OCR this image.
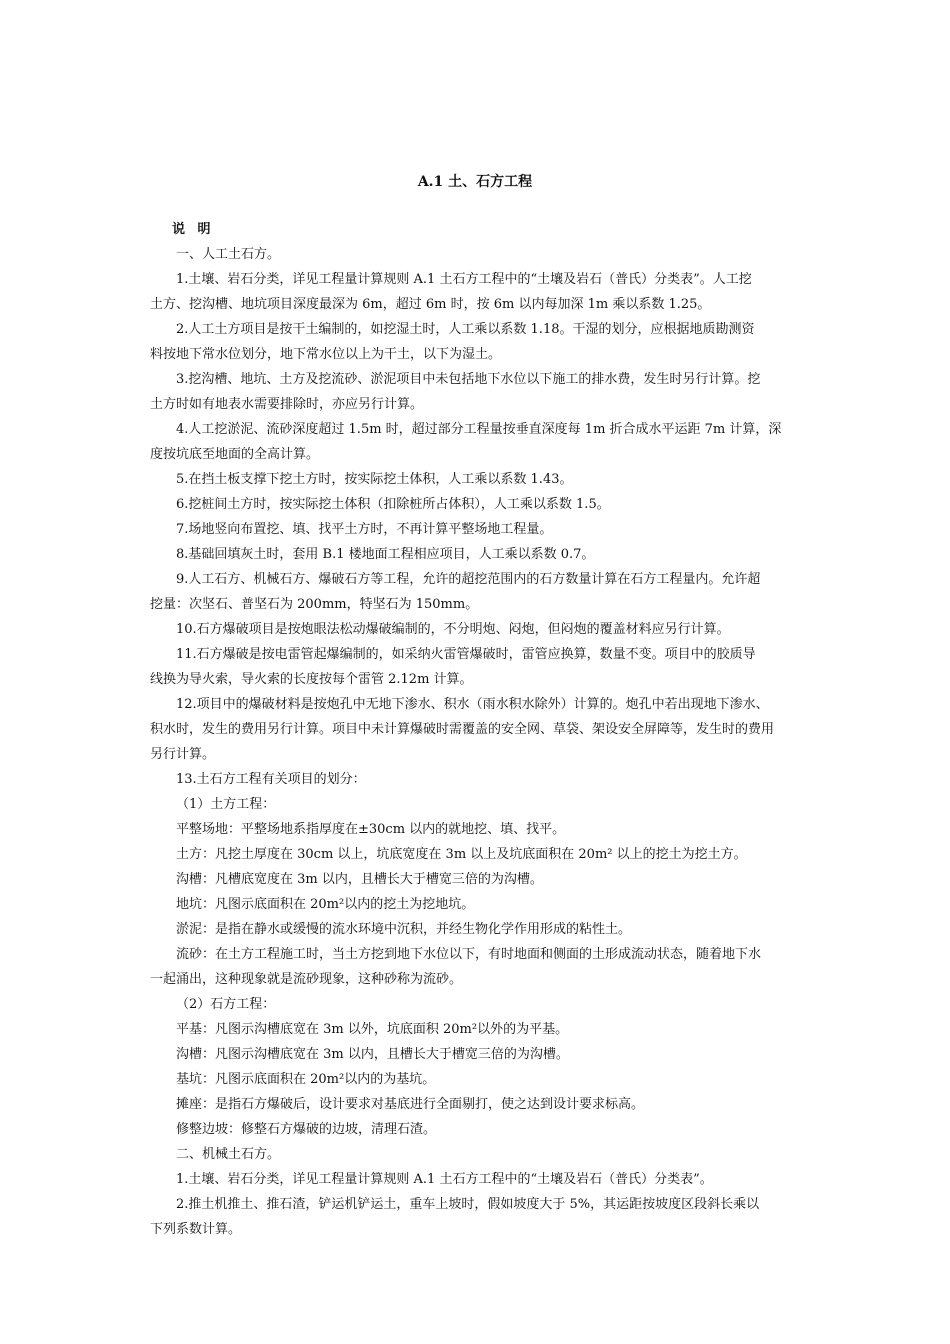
A.1 土、石方工程
说 明
一、人工土石方。
1.土壤、岩石分类，详见工程量计算规则 A.1 土石方工程中的“土壤及岩石（普氏）分类表”。人工挖
土方、挖沟槽、地坑项目深度最深为 6m，超过 6m 时，按 6m 以内每加深 1m 乘以系数 1.25。
2.人工土方项目是按干土编制的，如挖湿土时，人工乘以系数 1.18。干湿的划分，应根据地质勘测资
料按地下常水位划分，地下常水位以上为干土，以下为湿土。
3.挖沟槽、地坑、土方及挖流砂、淤泥项目中未包括地下水位以下施工的排水费，发生时另行计算。挖
土方时如有地表水需要排除时，亦应另行计算。
4.人工挖淤泥、流砂深度超过 1.5m 时，超过部分工程量按垂直深度每 1m 折合成水平运距 7m 计算，深
度按坑底至地面的全高计算。
5.在挡土板支撑下挖土方时，按实际挖土体积，人工乘以系数 1.43。
6.挖桩间土方时，按实际挖土体积（扣除桩所占体积），人工乘以系数 1.5。
7.场地竖向布置挖、填、找平土方时，不再计算平整场地工程量。
8.基础回填灰土时，套用 B.1 楼地面工程相应项目，人工乘以系数 0.7。
9.人工石方、机械石方、爆破石方等工程，允许的超挖范围内的石方数量计算在石方工程量内。允许超
挖量：次坚石、普坚石为 200mm，特坚石为 150mm。
10.石方爆破项目是按炮眼法松动爆破编制的，不分明炮、闷炮，但闷炮的覆盖材料应另行计算。
11.石方爆破是按电雷管起爆编制的，如采纳火雷管爆破时，雷管应换算，数量不变。项目中的胶质导
线换为导火索，导火索的长度按每个雷管 2.12m 计算。
12.项目中的爆破材料是按炮孔中无地下渗水、积水（雨水积水除外）计算的。炮孔中若出现地下渗水、
积水时，发生的费用另行计算。项目中未计算爆破时需覆盖的安全网、草袋、架设安全屏障等，发生时的费用
另行计算。
13.土石方工程有关项目的划分：
（1）土方工程：
平整场地：平整场地系指厚度在±30cm 以内的就地挖、填、找平。
土方：凡挖土厚度在 30cm 以上，坑底宽度在 3m 以上及坑底面积在 20m² 以上的挖土为挖土方。
沟槽：凡槽底宽度在 3m 以内，且槽长大于槽宽三倍的为沟槽。
地坑：凡图示底面积在 20m²以内的挖土为挖地坑。
淤泥：是指在静水或缓慢的流水环境中沉积，并经生物化学作用形成的粘性土。
流砂：在土方工程施工时，当土方挖到地下水位以下，有时地面和侧面的土形成流动状态，随着地下水
一起涌出，这种现象就是流砂现象，这种砂称为流砂。
（2）石方工程：
平基：凡图示沟槽底宽在 3m 以外，坑底面积 20m²以外的为平基。
沟槽：凡图示沟槽底宽在 3m 以内，且槽长大于槽宽三倍的为沟槽。
基坑：凡图示底面积在 20m²以内的为基坑。
摊座：是指石方爆破后，设计要求对基底进行全面剔打，使之达到设计要求标高。
修整边坡：修整石方爆破的边坡，清理石渣。
二、机械土石方。
1.土壤、岩石分类，详见工程量计算规则 A.1 土石方工程中的“土壤及岩石（普氏）分类表”。
2.推土机推土、推石渣，铲运机铲运土，重车上坡时，假如坡度大于 5%，其运距按坡度区段斜长乘以
下列系数计算。
